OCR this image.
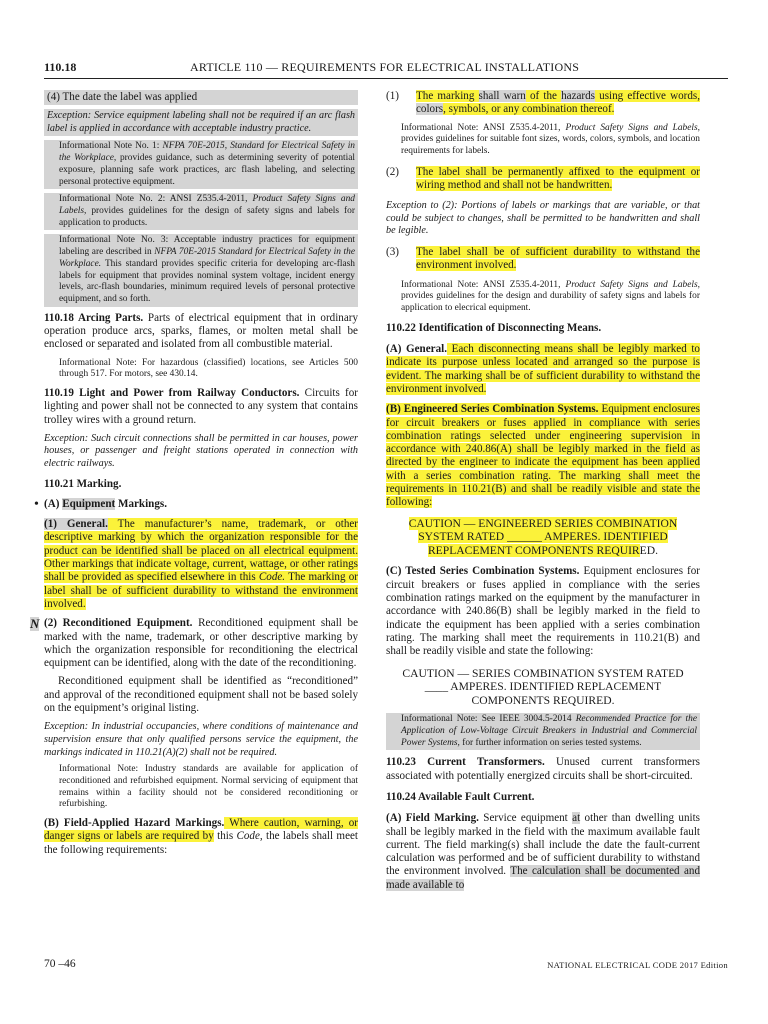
110.18	ARTICLE 110 — REQUIREMENTS FOR ELECTRICAL INSTALLATIONS
(4) The date the label was applied
Exception: Service equipment labeling shall not be required if an arc flash label is applied in accordance with acceptable industry practice.
Informational Note No. 1: NFPA 70E-2015, Standard for Electrical Safety in the Workplace, provides guidance, such as determining severity of potential exposure, planning safe work practices, arc flash labeling, and selecting personal protective equipment.
Informational Note No. 2: ANSI Z535.4-2011, Product Safety Signs and Labels, provides guidelines for the design of safety signs and labels for application to products.
Informational Note No. 3: Acceptable industry practices for equipment labeling are described in NFPA 70E-2015 Standard for Electrical Safety in the Workplace. This standard provides specific criteria for developing arc-flash labels for equipment that provides nominal system voltage, incident energy levels, arc-flash boundaries, minimum required levels of personal protective equipment, and so forth.
110.18 Arcing Parts. Parts of electrical equipment that in ordinary operation produce arcs, sparks, flames, or molten metal shall be enclosed or separated and isolated from all combustible material.
Informational Note: For hazardous (classified) locations, see Articles 500 through 517. For motors, see 430.14.
110.19 Light and Power from Railway Conductors. Circuits for lighting and power shall not be connected to any system that contains trolley wires with a ground return.
Exception: Such circuit connections shall be permitted in car houses, power houses, or passenger and freight stations operated in connection with electric railways.
110.21 Marking.
• (A) Equipment Markings.
(1) General. The manufacturer’s name, trademark, or other descriptive marking by which the organization responsible for the product can be identified shall be placed on all electrical equipment. Other markings that indicate voltage, current, wattage, or other ratings shall be provided as specified elsewhere in this Code. The marking or label shall be of sufficient durability to withstand the environment involved.
N (2) Reconditioned Equipment. Reconditioned equipment shall be marked with the name, trademark, or other descriptive marking by which the organization responsible for reconditioning the electrical equipment can be identified, along with the date of the reconditioning.
Reconditioned equipment shall be identified as “reconditioned” and approval of the reconditioned equipment shall not be based solely on the equipment’s original listing.
Exception: In industrial occupancies, where conditions of maintenance and supervision ensure that only qualified persons service the equipment, the markings indicated in 110.21(A)(2) shall not be required.
Informational Note: Industry standards are available for application of reconditioned and refurbished equipment. Normal servicing of equipment that remains within a facility should not be considered reconditioning or refurbishing.
(B) Field-Applied Hazard Markings. Where caution, warning, or danger signs or labels are required by this Code, the labels shall meet the following requirements:
(1) The marking shall warn of the hazards using effective words, colors, symbols, or any combination thereof.
Informational Note: ANSI Z535.4-2011, Product Safety Signs and Labels, provides guidelines for suitable font sizes, words, colors, symbols, and location requirements for labels.
(2) The label shall be permanently affixed to the equipment or wiring method and shall not be handwritten.
Exception to (2): Portions of labels or markings that are variable, or that could be subject to changes, shall be permitted to be handwritten and shall be legible.
(3) The label shall be of sufficient durability to withstand the environment involved.
Informational Note: ANSI Z535.4-2011, Product Safety Signs and Labels, provides guidelines for the design and durability of safety signs and labels for application to elecrical equipment.
110.22 Identification of Disconnecting Means.
(A) General. Each disconnecting means shall be legibly marked to indicate its purpose unless located and arranged so the purpose is evident. The marking shall be of sufficient durability to withstand the environment involved.
(B) Engineered Series Combination Systems. Equipment enclosures for circuit breakers or fuses applied in compliance with series combination ratings selected under engineering supervision in accordance with 240.86(A) shall be legibly marked in the field as directed by the engineer to indicate the equipment has been applied with a series combination rating. The marking shall meet the requirements in 110.21(B) and shall be readily visible and state the following:
CAUTION — ENGINEERED SERIES COMBINATION SYSTEM RATED ______ AMPERES. IDENTIFIED REPLACEMENT COMPONENTS REQUIRED.
(C) Tested Series Combination Systems. Equipment enclosures for circuit breakers or fuses applied in compliance with the series combination ratings marked on the equipment by the manufacturer in accordance with 240.86(B) shall be legibly marked in the field to indicate the equipment has been applied with a series combination rating. The marking shall meet the requirements in 110.21(B) and shall be readily visible and state the following:
CAUTION — SERIES COMBINATION SYSTEM RATED ____ AMPERES. IDENTIFIED REPLACEMENT COMPONENTS REQUIRED.
Informational Note: See IEEE 3004.5-2014 Recommended Practice for the Application of Low-Voltage Circuit Breakers in Industrial and Commercial Power Systems, for further information on series tested systems.
110.23 Current Transformers. Unused current transformers associated with potentially energized circuits shall be short-circuited.
110.24 Available Fault Current.
(A) Field Marking. Service equipment at other than dwelling units shall be legibly marked in the field with the maximum available fault current. The field marking(s) shall include the date the fault-current calculation was performed and be of sufficient durability to withstand the environment involved. The calculation shall be documented and made available to
70 –46	NATIONAL ELECTRICAL CODE 2017 Edition
